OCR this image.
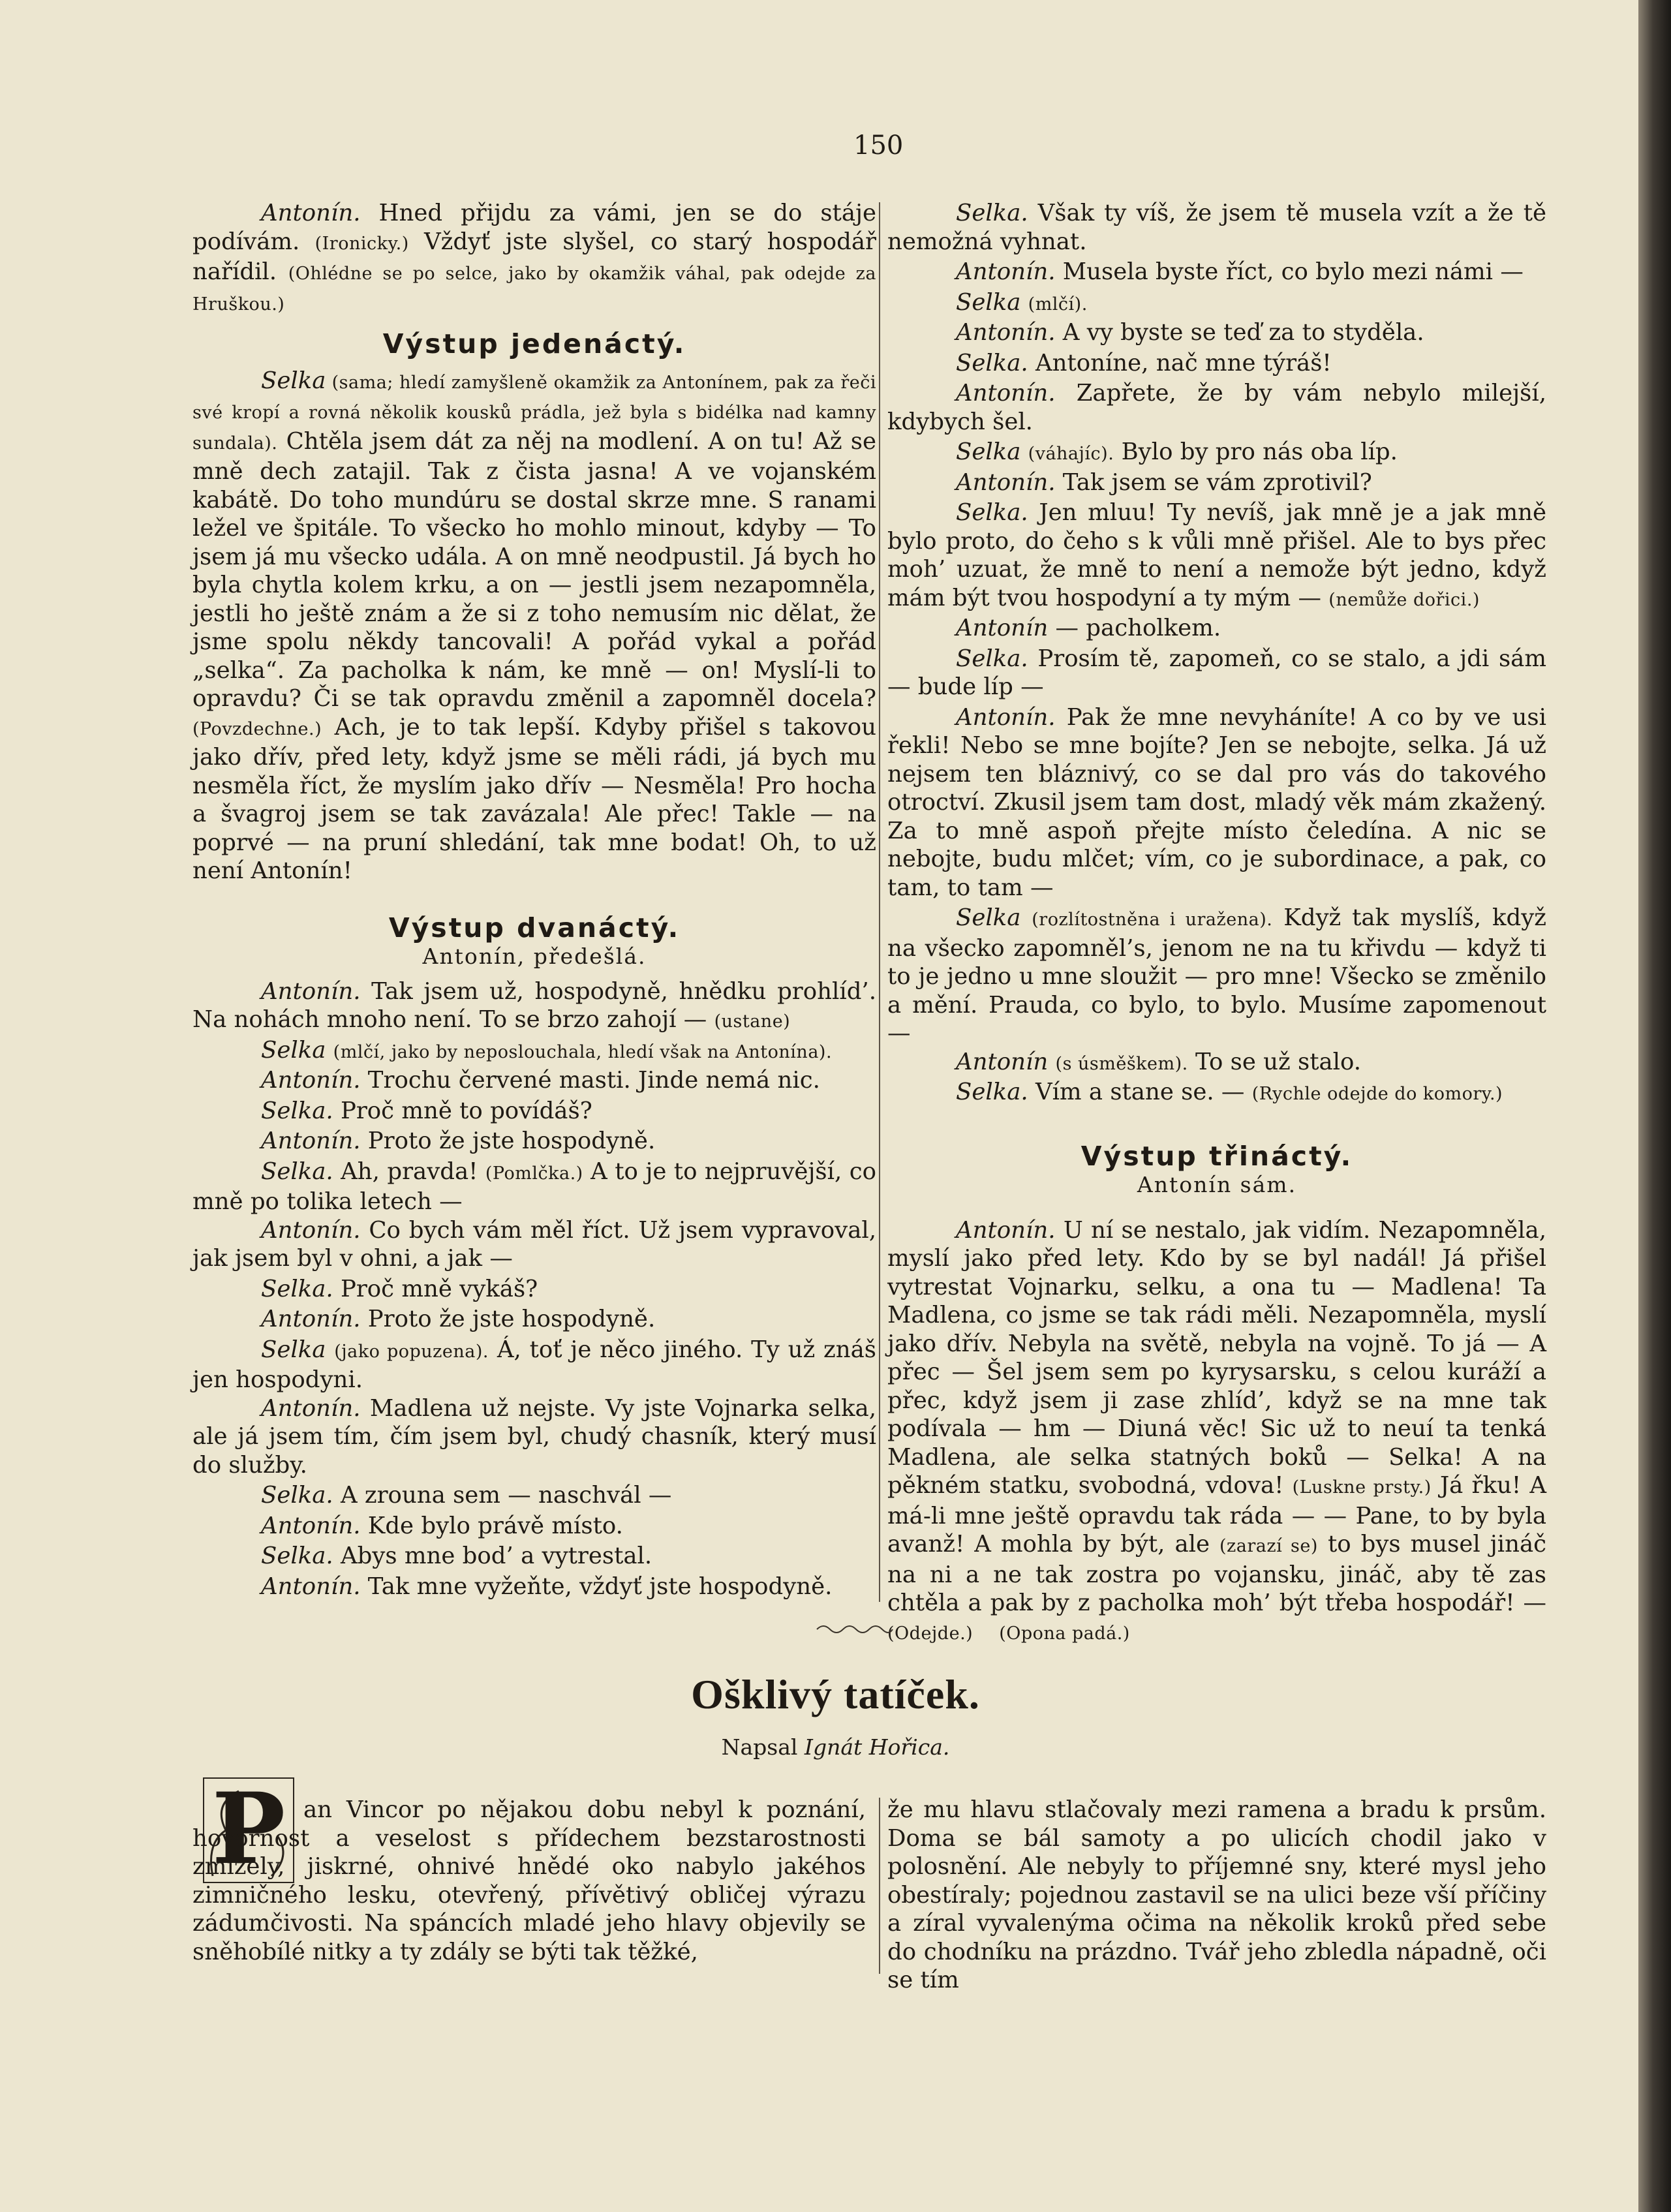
150

Antonín. Hned přijdu za vámi, jen se do stáje podívám. (Ironicky.) Vždyť jste slyšel, co starý hospodář nařídil. (Ohlédne se po selce, jako by okamžik váhal, pak odejde za Hruškou.)

Výstup jedenáctý.

Selka (sama; hledí zamyšleně okamžik za Antonínem, pak za řeči své kropí a rovná několik kousků prádla, jež byla s bidélka nad kamny sundala). Chtěla jsem dát za něj na modlení. A on tu! Až se mně dech zatajil. Tak z čista jasna! A ve vojanském kabátě. Do toho mundúru se dostal skrze mne. S ranami ležel ve špitále. To všecko ho mohlo minout, kdyby — To jsem já mu všecko udála. A on mně neodpustil. Já bych ho byla chytla kolem krku, a on — jestli jsem nezapomněla, jestli ho ještě znám a že si z toho nemusím nic dělat, že jsme spolu někdy tancovali! A pořád vykal a pořád „selka“. Za pacholka k nám, ke mně — on! Myslí-li to opravdu? Či se tak opravdu změnil a zapomněl docela? (Povzdechne.) Ach, je to tak lepší. Kdyby přišel s takovou jako dřív, před lety, když jsme se měli rádi, já bych mu nesměla říct, že myslím jako dřív — Nesměla! Pro hocha a švagroj jsem se tak zavázala! Ale přec! Takle — na poprvé — na pruní shledání, tak mne bodat! Oh, to už není Antonín!

Výstup dvanáctý.

Antonín, předešlá.

Antonín. Tak jsem už, hospodyně, hnědku prohlíd’. Na nohách mnoho není. To se brzo zahojí — (ustane)

Selka (mlčí, jako by neposlouchala, hledí však na Antonína).

Antonín. Trochu červené masti. Jinde nemá nic.

Selka. Proč mně to povídáš?

Antonín. Proto že jste hospodyně.

Selka. Ah, pravda! (Pomlčka.) A to je to nejpruvější, co mně po tolika letech —

Antonín. Co bych vám měl říct. Už jsem vypravoval, jak jsem byl v ohni, a jak —

Selka. Proč mně vykáš?

Antonín. Proto že jste hospodyně.

Selka (jako popuzena). Á, toť je něco jiného. Ty už znáš jen hospodyni.

Antonín. Madlena už nejste. Vy jste Vojnarka selka, ale já jsem tím, čím jsem byl, chudý chasník, který musí do služby.

Selka. A zrouna sem — naschvál —

Antonín. Kde bylo právě místo.

Selka. Abys mne bod’ a vytrestal.

Antonín. Tak mne vyžeňte, vždyť jste hospodyně.

Selka. Však ty víš, že jsem tě musela vzít a že tě nemožná vyhnat.

Antonín. Musela byste říct, co bylo mezi námi —

Selka (mlčí).

Antonín. A vy byste se teď za to styděla.

Selka. Antoníne, nač mne týráš!

Antonín. Zapřete, že by vám nebylo milejší, kdybych šel.

Selka (váhajíc). Bylo by pro nás oba líp.

Antonín. Tak jsem se vám zprotivil?

Selka. Jen mluu! Ty nevíš, jak mně je a jak mně bylo proto, do čeho s k vůli mně přišel. Ale to bys přec moh’ uzuat, že mně to není a nemože být jedno, když mám být tvou hospodyní a ty mým — (nemůže dořici.)

Antonín — pacholkem.

Selka. Prosím tě, zapomeň, co se stalo, a jdi sám — bude líp —

Antonín. Pak že mne nevyháníte! A co by ve usi řekli! Nebo se mne bojíte? Jen se nebojte, selka. Já už nejsem ten bláznivý, co se dal pro vás do takového otroctví. Zkusil jsem tam dost, mladý věk mám zkažený. Za to mně aspoň přejte místo čeledína. A nic se nebojte, budu mlčet; vím, co je subordinace, a pak, co tam, to tam —

Selka (rozlítostněna i uražena). Když tak myslíš, když na všecko zapomněl’s, jenom ne na tu křivdu — když ti to je jedno u mne sloužit — pro mne! Všecko se změnilo a mění. Prauda, co bylo, to bylo. Musíme zapomenout —

Antonín (s úsměškem). To se už stalo.

Selka. Vím a stane se. — (Rychle odejde do komory.)

Výstup třináctý.

Antonín sám.

Antonín. U ní se nestalo, jak vidím. Nezapomněla, myslí jako před lety. Kdo by se byl nadál! Já přišel vytrestat Vojnarku, selku, a ona tu — Madlena! Ta Madlena, co jsme se tak rádi měli. Nezapomněla, myslí jako dřív. Nebyla na světě, nebyla na vojně. To já — A přec — Šel jsem sem po kyrysarsku, s celou kuráží a přec, když jsem ji zase zhlíd’, když se na mne tak podívala — hm — Diuná věc! Sic už to neuí ta tenká Madlena, ale selka statných boků — Selka! A na pěkném statku, svobodná, vdova! (Luskne prsty.) Já řku! A má-li mne ještě opravdu tak ráda — — Pane, to by byla avanž! A mohla by být, ale (zarazí se) to bys musel jináč na ni a ne tak zostra po vojansku, jináč, aby tě zas chtěla a pak by z pacholka moh’ být třeba hospodář! — (Odejde.) (Opona padá.)

Ošklivý tatíček.

Napsal Ignát Hořica.

P an Vincor po nějakou dobu nebyl k poznání, hovornost a veselost s přídechem bezstarostnosti zmizely, jiskrné, ohnivé hnědé oko nabylo jakéhos zimničného lesku, otevřený, přívětivý obličej výrazu zádumčivosti. Na spáncích mladé jeho hlavy objevily se sněhobílé nitky a ty zdály se býti tak těžké,

že mu hlavu stlačovaly mezi ramena a bradu k prsům. Doma se bál samoty a po ulicích chodil jako v polosnění. Ale nebyly to příjemné sny, které mysl jeho obestíraly; pojednou zastavil se na ulici beze vší příčiny a zíral vyvalenýma očima na několik kroků před sebe do chodníku na prázdno. Tvář jeho zbledla nápadně, oči se tím
